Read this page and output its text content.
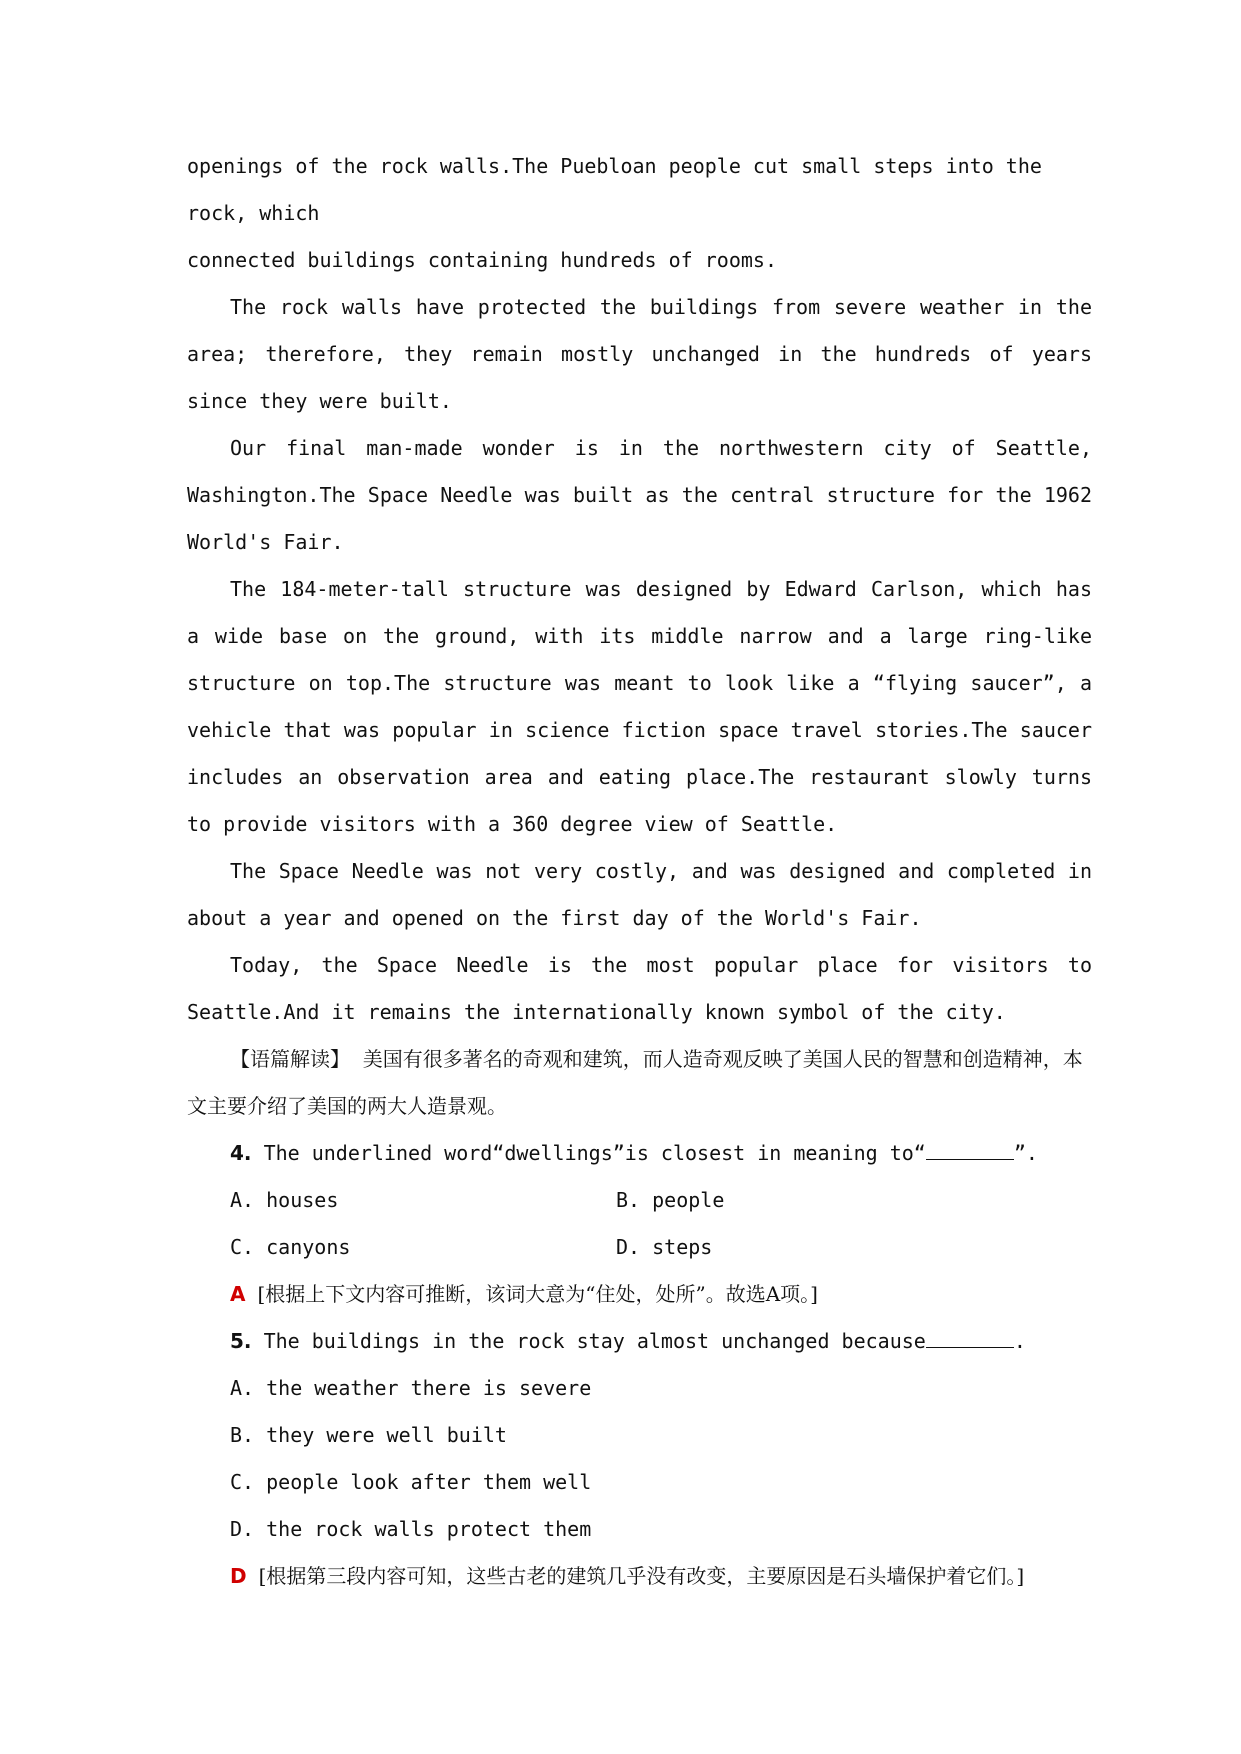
openings of the rock walls.The Puebloan people cut small steps into the rock, which

connected buildings containing hundreds of rooms.

The rock walls have protected the buildings from severe weather in the area; therefore, they remain mostly unchanged in the hundreds of years since they were built.

Our final man-made wonder is in the northwestern city of Seattle, Washington.The Space Needle was built as the central structure for the 1962 World's Fair.

The 184-meter-tall structure was designed by Edward Carlson, which has a wide base on the ground, with its middle narrow and a large ring-like structure on top.The structure was meant to look like a “flying saucer”, a vehicle that was popular in science fiction space travel stories.The saucer includes an observation area and eating place.The restaurant slowly turns to provide visitors with a 360 degree view of Seattle.

The Space Needle was not very costly, and was designed and completed in about a year and opened on the first day of the World's Fair.

Today, the Space Needle is the most popular place for visitors to Seattle.And it remains the internationally known symbol of the city.

【语篇解读】 美国有很多著名的奇观和建筑，而人造奇观反映了美国人民的智慧和创造精神，本文主要介绍了美国的两大人造景观。

4. The underlined word“dwellings”is closest in meaning to“	”.

A. houses	B. people
C. canyons	D. steps

A [根据上下文内容可推断，该词大意为“住处，处所”。故选A项。]

5. The buildings in the rock stay almost unchanged because	.

A. the weather there is severe

B. they were well built

C. people look after them well

D. the rock walls protect them

D [根据第三段内容可知，这些古老的建筑几乎没有改变，主要原因是石头墙保护着它们。]
